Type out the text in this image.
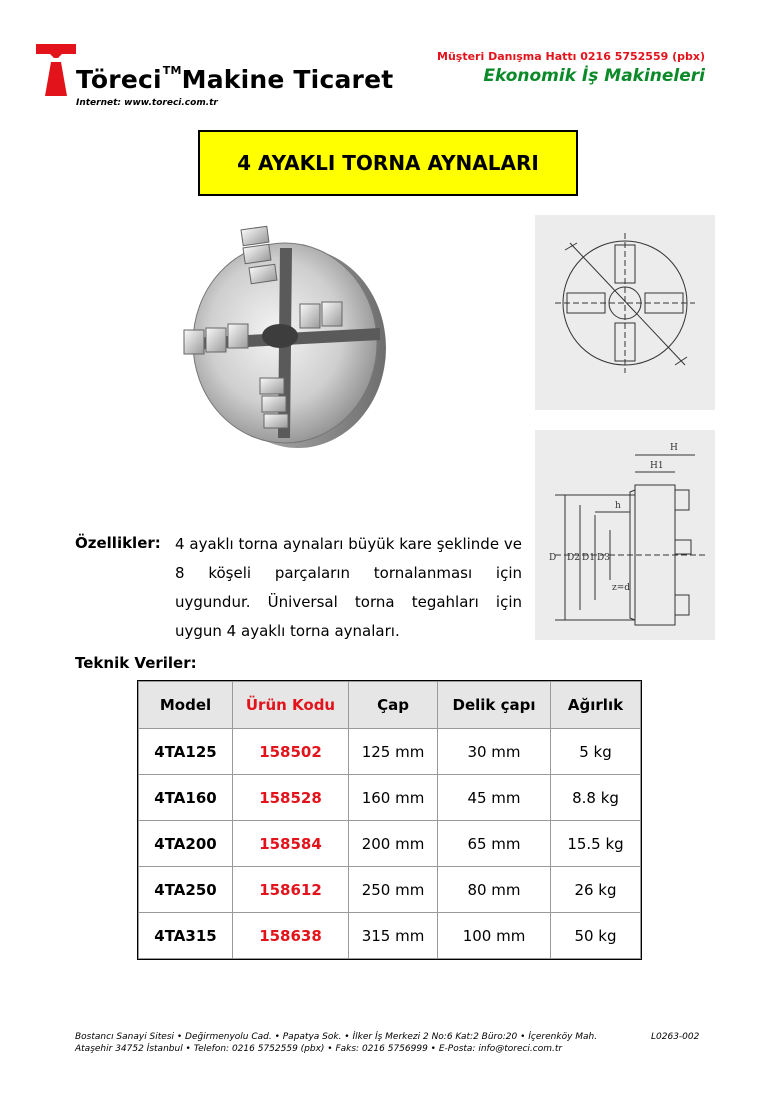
Töreci™Makine Ticaret
Internet: www.toreci.com.tr
Müşteri Danışma Hattı 0216 5752559 (pbx)
Ekonomik İş Makineleri
4 AYAKLI TORNA AYNALARI
H
H1
h
D D2 D1 D3
z=d
Özellikler: 4 ayaklı torna aynaları büyük kare şeklinde ve 8 köşeli parçaların tornalanması için uygundur. Üniversal torna tegahları için uygun 4 ayaklı torna aynaları.

Teknik Veriler:
Model	Ürün Kodu	Çap	Delik çapı	Ağırlık
4TA125	158502	125 mm	30 mm	5 kg
4TA160	158528	160 mm	45 mm	8.8 kg
4TA200	158584	200 mm	65 mm	15.5 kg
4TA250	158612	250 mm	80 mm	26 kg
4TA315	158638	315 mm	100 mm	50 kg
Bostancı Sanayi Sitesi • Değirmenyolu Cad. • Papatya Sok. • İlker İş Merkezi 2 No:6 Kat:2 Büro:20 • İçerenköy Mah.
Ataşehir 34752 İstanbul • Telefon: 0216 5752559 (pbx) • Faks: 0216 5756999 • E-Posta: info@toreci.com.tr
L0263-002
